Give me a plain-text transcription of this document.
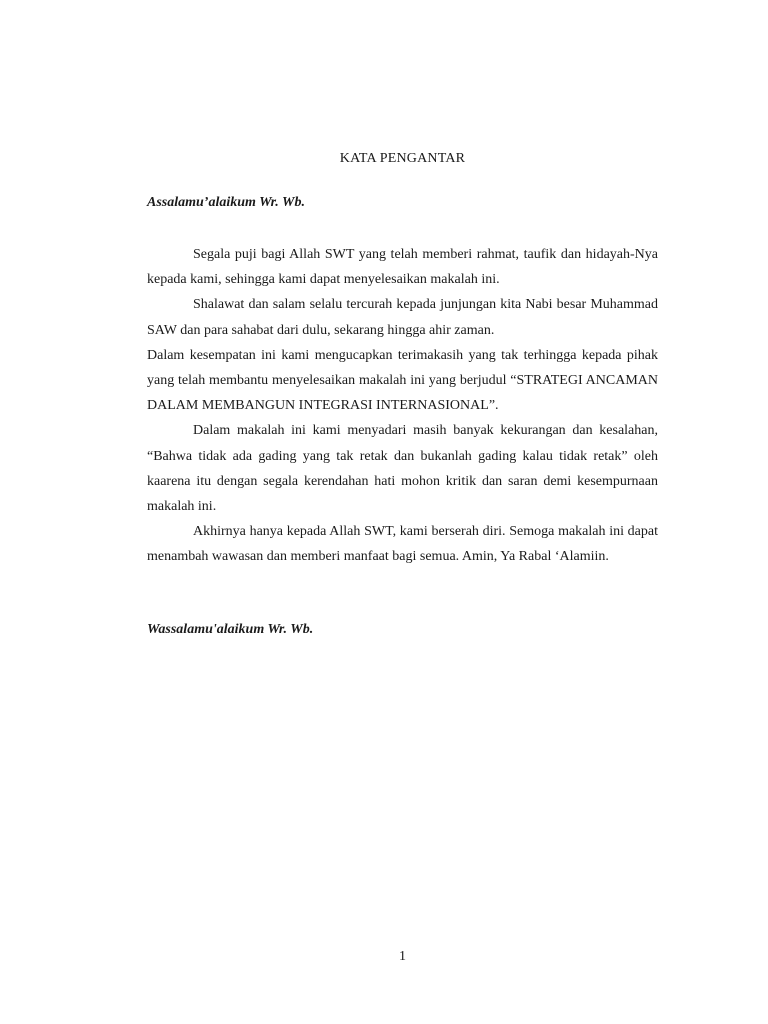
KATA PENGANTAR

Assalamu’alaikum Wr. Wb.

Segala puji bagi Allah SWT yang telah memberi rahmat, taufik dan hidayah-Nya kepada kami, sehingga kami dapat menyelesaikan makalah ini.

Shalawat dan salam selalu tercurah kepada junjungan kita Nabi besar Muhammad SAW dan para sahabat dari dulu, sekarang hingga ahir zaman.

Dalam kesempatan ini kami mengucapkan terimakasih yang tak terhingga kepada pihak yang telah membantu menyelesaikan makalah ini yang berjudul “STRATEGI ANCAMAN DALAM MEMBANGUN INTEGRASI INTERNASIONAL”.

Dalam makalah ini kami menyadari masih banyak kekurangan dan kesalahan, “Bahwa tidak ada gading yang tak retak dan bukanlah gading kalau tidak retak” oleh kaarena itu dengan segala kerendahan hati mohon kritik dan saran demi kesempurnaan makalah ini.

Akhirnya hanya kepada Allah SWT, kami berserah diri. Semoga makalah ini dapat menambah wawasan dan memberi manfaat bagi semua. Amin, Ya Rabal ‘Alamiin.

Wassalamu'alaikum Wr. Wb.

1
